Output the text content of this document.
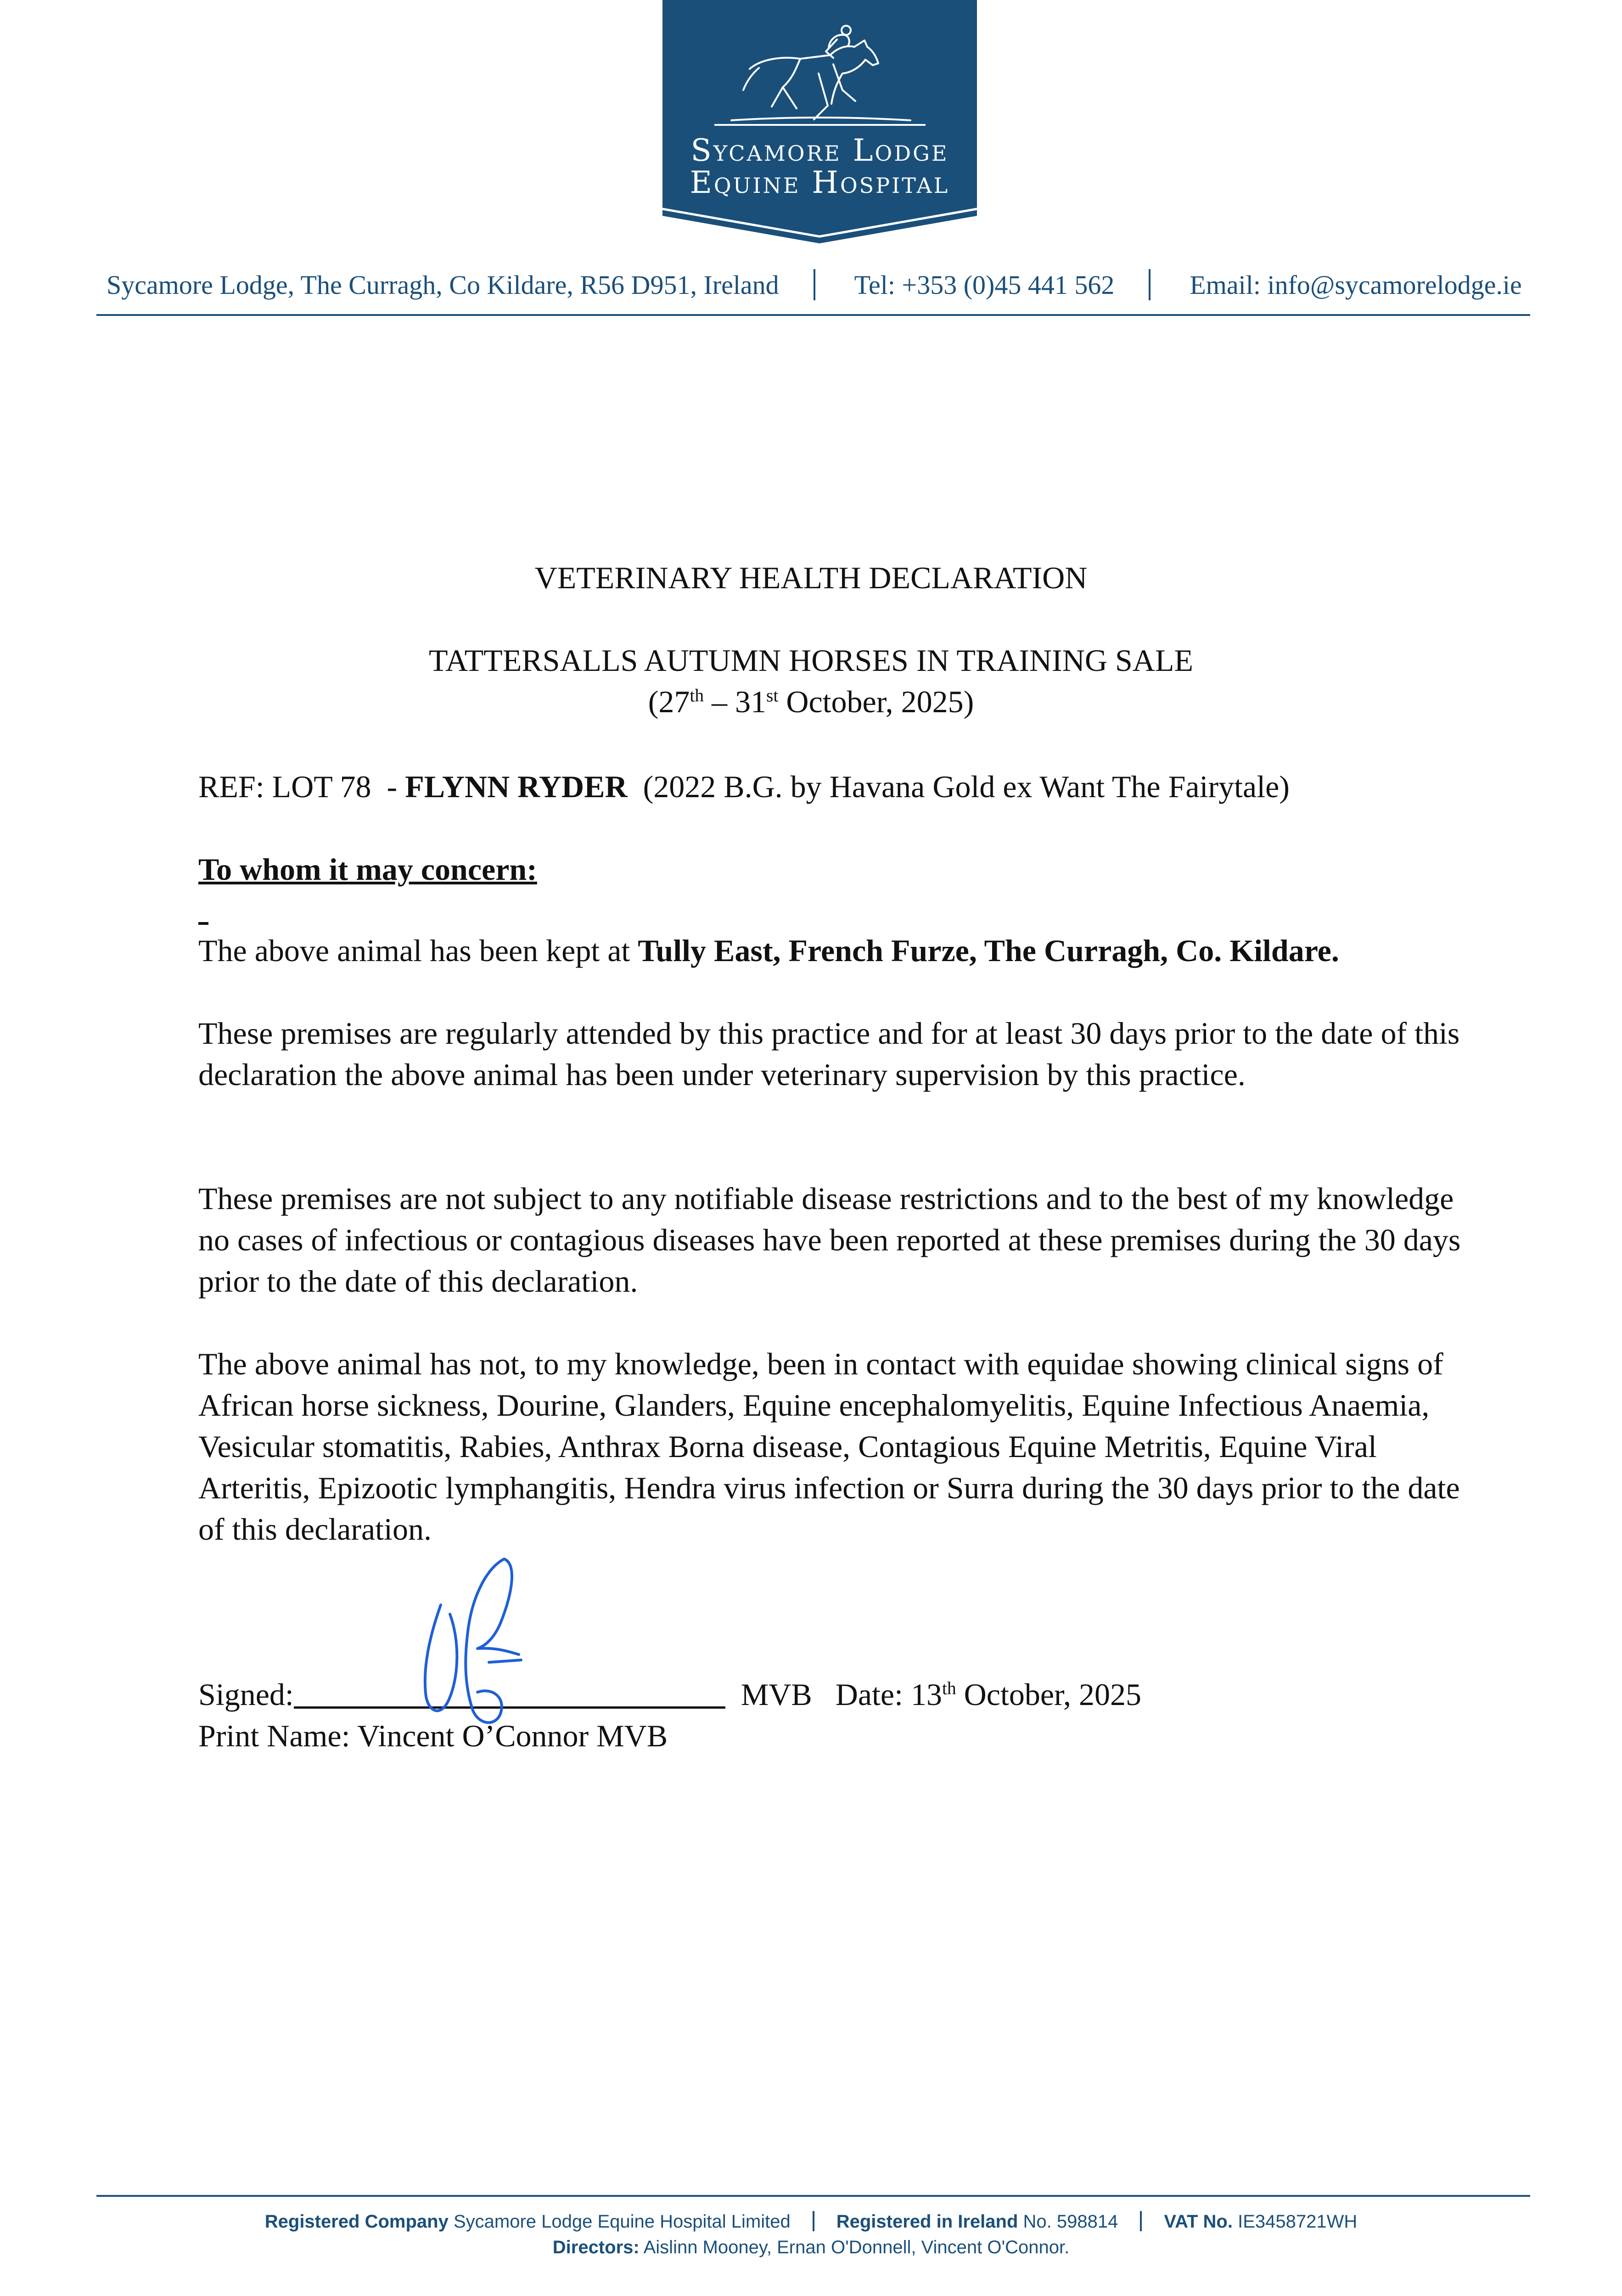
Sycamore Lodge
Equine Hospital
Sycamore Lodge, The Curragh, Co Kildare, R56 D951, Ireland	Tel: +353 (0)45 441 562	Email: info@sycamorelodge.ie
VETERINARY HEALTH DECLARATION
TATTERSALLS AUTUMN HORSES IN TRAINING SALE
(27th – 31st October, 2025)
REF: LOT 78  - FLYNN RYDER  (2022 B.G. by Havana Gold ex Want The Fairytale)
To whom it may concern:
The above animal has been kept at Tully East, French Furze, The Curragh, Co. Kildare.
These premises are regularly attended by this practice and for at least 30 days prior to the date of this declaration the above animal has been under veterinary supervision by this practice.
These premises are not subject to any notifiable disease restrictions and to the best of my knowledge no cases of infectious or contagious diseases have been reported at these premises during the 30 days prior to the date of this declaration.
The above animal has not, to my knowledge, been in contact with equidae showing clinical signs of African horse sickness, Dourine, Glanders, Equine encephalomyelitis, Equine Infectious Anaemia, Vesicular stomatitis, Rabies, Anthrax Borna disease, Contagious Equine Metritis, Equine Viral Arteritis, Epizootic lymphangitis, Hendra virus infection or Surra during the 30 days prior to the date of this declaration.
Signed:	MVB   Date: 13th October, 2025
Print Name: Vincent O’Connor MVB
Registered Company Sycamore Lodge Equine Hospital Limited	Registered in Ireland No. 598814	VAT No. IE3458721WH
Directors: Aislinn Mooney, Ernan O'Donnell, Vincent O'Connor.
